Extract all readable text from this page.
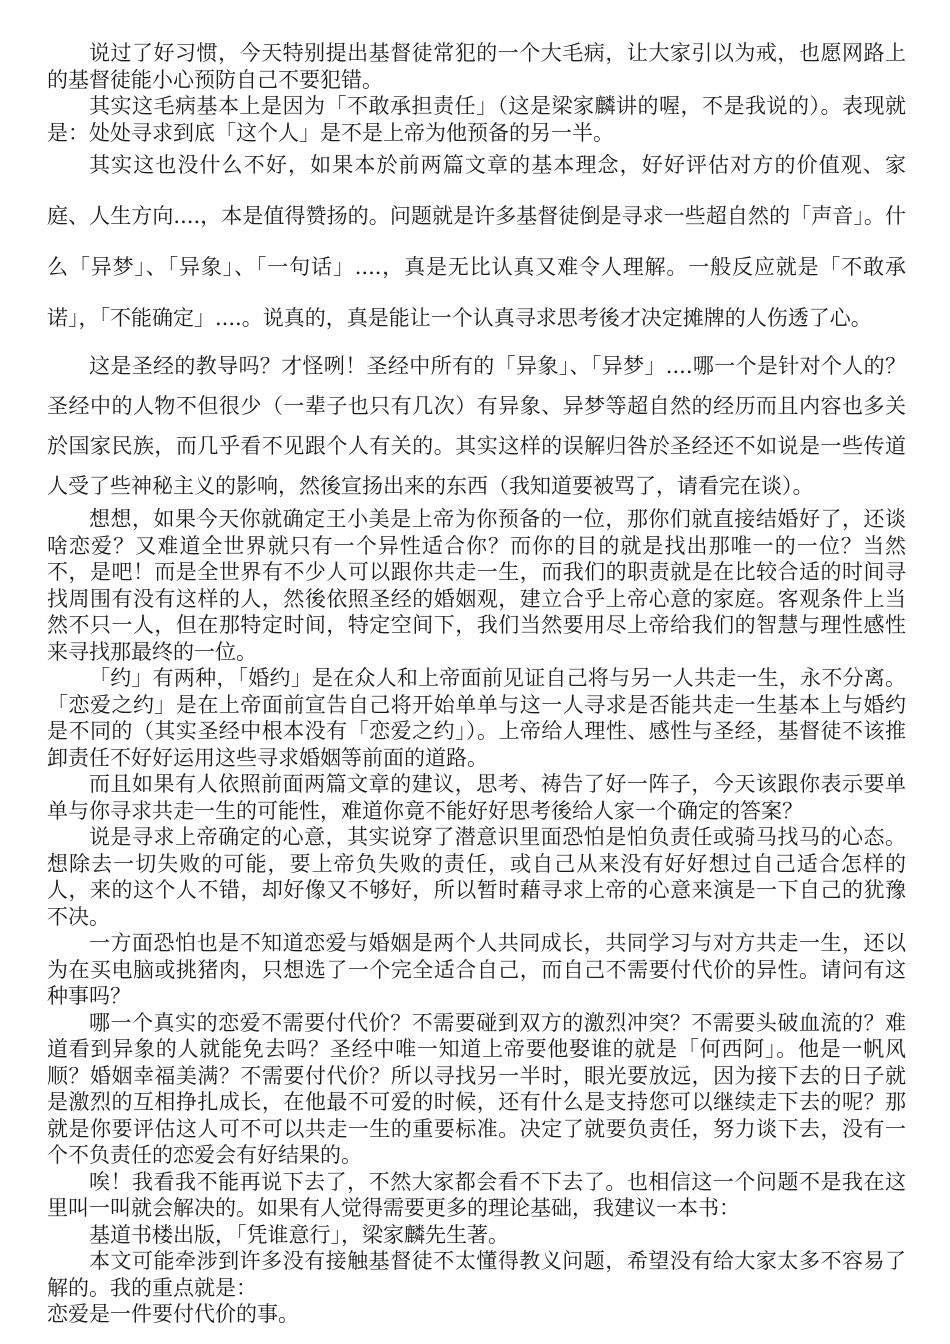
说过了好习惯，今天特别提出基督徒常犯的一个大毛病，让大家引以为戒，也愿网路上的基督徒能小心预防自己不要犯错。

其实这毛病基本上是因为「不敢承担责任」（这是梁家麟讲的喔，不是我说的）。表现就是：处处寻求到底「这个人」是不是上帝为他预备的另一半。

其实这也没什么不好，如果本於前两篇文章的基本理念，好好评估对方的价值观、家庭、人生方向....，本是值得赞扬的。问题就是许多基督徒倒是寻求一些超自然的「声音」。什么「异梦」、「异象」、「一句话」....，真是无比认真又难令人理解。一般反应就是「不敢承诺」，「不能确定」....。说真的，真是能让一个认真寻求思考後才决定摊牌的人伤透了心。

这是圣经的教导吗？才怪咧！圣经中所有的「异象」、「异梦」....哪一个是针对个人的？圣经中的人物不但很少（一辈子也只有几次）有异象、异梦等超自然的经历而且内容也多关於国家民族，而几乎看不见跟个人有关的。其实这样的误解归咎於圣经还不如说是一些传道人受了些神秘主义的影响，然後宣扬出来的东西（我知道要被骂了，请看完在谈）。

想想，如果今天你就确定王小美是上帝为你预备的一位，那你们就直接结婚好了，还谈啥恋爱？又难道全世界就只有一个异性适合你？而你的目的就是找出那唯一的一位？当然不，是吧！而是全世界有不少人可以跟你共走一生，而我们的职责就是在比较合适的时间寻找周围有没有这样的人，然後依照圣经的婚姻观，建立合乎上帝心意的家庭。客观条件上当然不只一人，但在那特定时间，特定空间下，我们当然要用尽上帝给我们的智慧与理性感性来寻找那最终的一位。

「约」有两种，「婚约」是在众人和上帝面前见证自己将与另一人共走一生，永不分离。「恋爱之约」是在上帝面前宣告自己将开始单单与这一人寻求是否能共走一生基本上与婚约是不同的（其实圣经中根本没有「恋爱之约」）。上帝给人理性、感性与圣经，基督徒不该推卸责任不好好运用这些寻求婚姻等前面的道路。

而且如果有人依照前面两篇文章的建议，思考、祷告了好一阵子，今天该跟你表示要单单与你寻求共走一生的可能性，难道你竟不能好好思考後给人家一个确定的答案？

说是寻求上帝确定的心意，其实说穿了潜意识里面恐怕是怕负责任或骑马找马的心态。想除去一切失败的可能，要上帝负失败的责任，或自己从来没有好好想过自己适合怎样的人，来的这个人不错，却好像又不够好，所以暂时藉寻求上帝的心意来演是一下自己的犹豫不决。

一方面恐怕也是不知道恋爱与婚姻是两个人共同成长，共同学习与对方共走一生，还以为在买电脑或挑猪肉，只想选了一个完全适合自己，而自己不需要付代价的异性。请问有这种事吗？

哪一个真实的恋爱不需要付代价？不需要碰到双方的激烈冲突？不需要头破血流的？难道看到异象的人就能免去吗？圣经中唯一知道上帝要他娶谁的就是「何西阿」。他是一帆风顺？婚姻幸福美满？不需要付代价？所以寻找另一半时，眼光要放远，因为接下去的日子就是激烈的互相挣扎成长，在他最不可爱的时候，还有什么是支持您可以继续走下去的呢？那就是你要评估这人可不可以共走一生的重要标准。决定了就要负责任，努力谈下去，没有一个不负责任的恋爱会有好结果的。

唉！我看我不能再说下去了，不然大家都会看不下去了。也相信这一个问题不是我在这里叫一叫就会解决的。如果有人觉得需要更多的理论基础，我建议一本书：

基道书楼出版，「凭谁意行」，梁家麟先生著。

本文可能牵涉到许多没有接触基督徒不太懂得教义问题，希望没有给大家太多不容易了解的。我的重点就是：

恋爱是一件要付代价的事。
